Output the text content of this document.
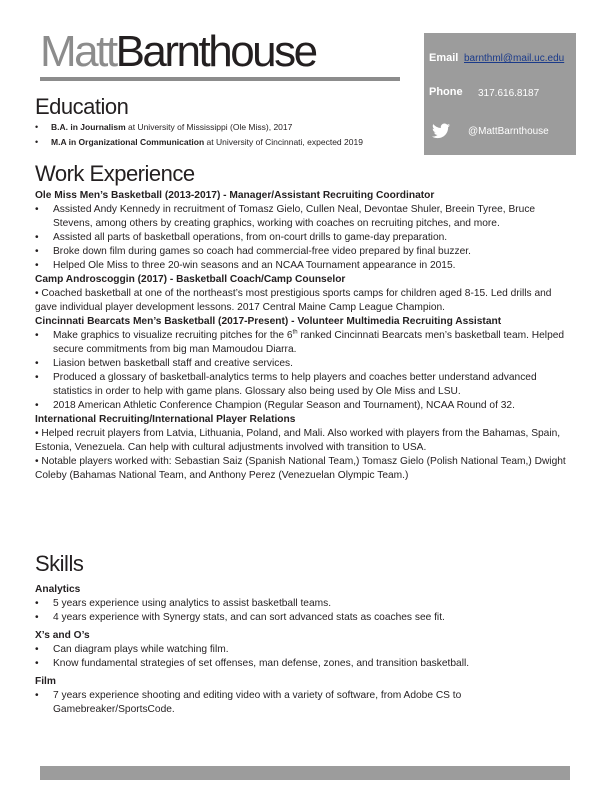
MattBarnthouse	Email barnthml@mail.uc.edu
Phone 317.616.8187
@MattBarnthouse
Education
• B.A. in Journalism at University of Mississippi (Ole Miss), 2017
• M.A in Organizational Communication at University of Cincinnati, expected 2019
Work Experience
Ole Miss Men’s Basketball (2013-2017) - Manager/Assistant Recruiting Coordinator
• Assisted Andy Kennedy in recruitment of Tomasz Gielo, Cullen Neal, Devontae Shuler, Breein Tyree, Bruce Stevens, among others by creating graphics, working with coaches on recruiting pitches, and more.
• Assisted all parts of basketball operations, from on-court drills to game-day preparation.
• Broke down film during games so coach had commercial-free video prepared by final buzzer.
• Helped Ole Miss to three 20-win seasons and an NCAA Tournament appearance in 2015.
Camp Androscoggin (2017) - Basketball Coach/Camp Counselor
• Coached basketball at one of the northeast’s most prestigious sports camps for children aged 8-15. Led drills and gave individual player development lessons. 2017 Central Maine Camp League Champion.
Cincinnati Bearcats Men’s Basketball (2017-Present) - Volunteer Multimedia Recruiting Assistant
• Make graphics to visualize recruiting pitches for the 6th ranked Cincinnati Bearcats men’s basketball team. Helped secure commitments from big man Mamoudou Diarra.
• Liasion betwen basketball staff and creative services.
• Produced a glossary of basketball-analytics terms to help players and coaches better understand advanced statistics in order to help with game plans. Glossary also being used by Ole Miss and LSU.
• 2018 American Athletic Conference Champion (Regular Season and Tournament), NCAA Round of 32.
International Recruiting/International Player Relations
• Helped recruit players from Latvia, Lithuania, Poland, and Mali. Also worked with players from the Bahamas, Spain, Estonia, Venezuela. Can help with cultural adjustments involved with transition to USA.
• Notable players worked with: Sebastian Saiz (Spanish National Team,) Tomasz Gielo (Polish National Team,) Dwight Coleby (Bahamas National Team, and Anthony Perez (Venezuelan Olympic Team.)
Skills
Analytics
• 5 years experience using analytics to assist basketball teams.
• 4 years experience with Synergy stats, and can sort advanced stats as coaches see fit.
X’s and O’s
• Can diagram plays while watching film.
• Know fundamental strategies of set offenses, man defense, zones, and transition basketball.
Film
• 7 years experience shooting and editing video with a variety of software, from Adobe CS to Gamebreaker/SportsCode.
